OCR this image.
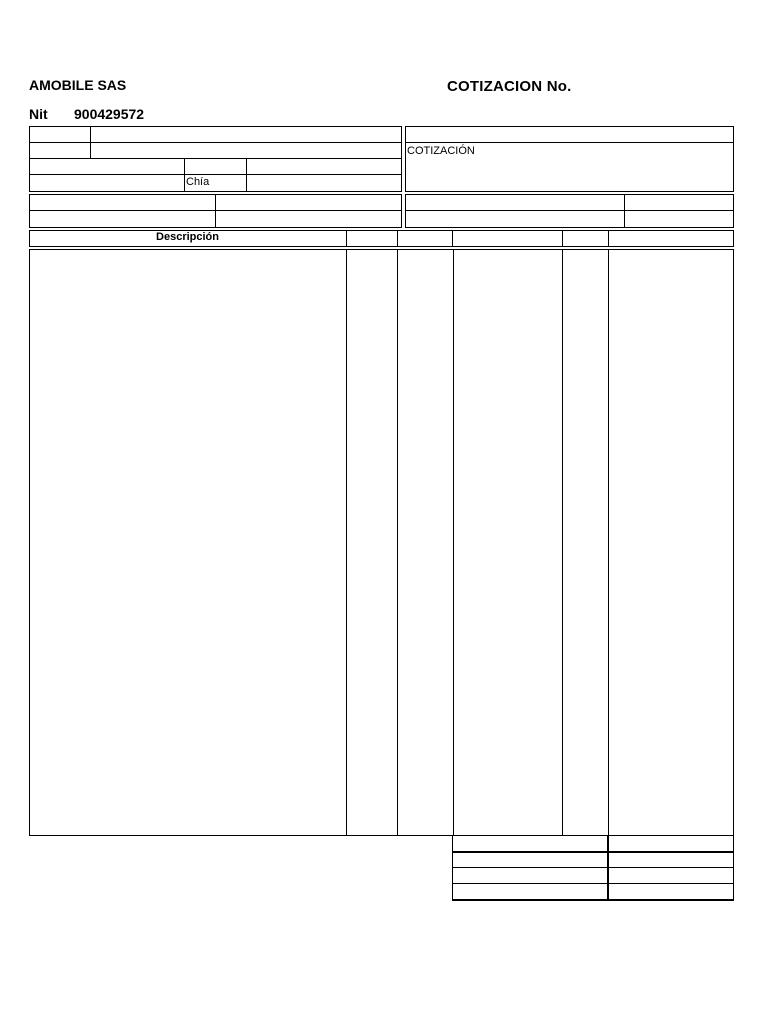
AMOBILE SAS	COTIZACION No.
Nit 900429572
Chía
COTIZACIÓN
Descripción
